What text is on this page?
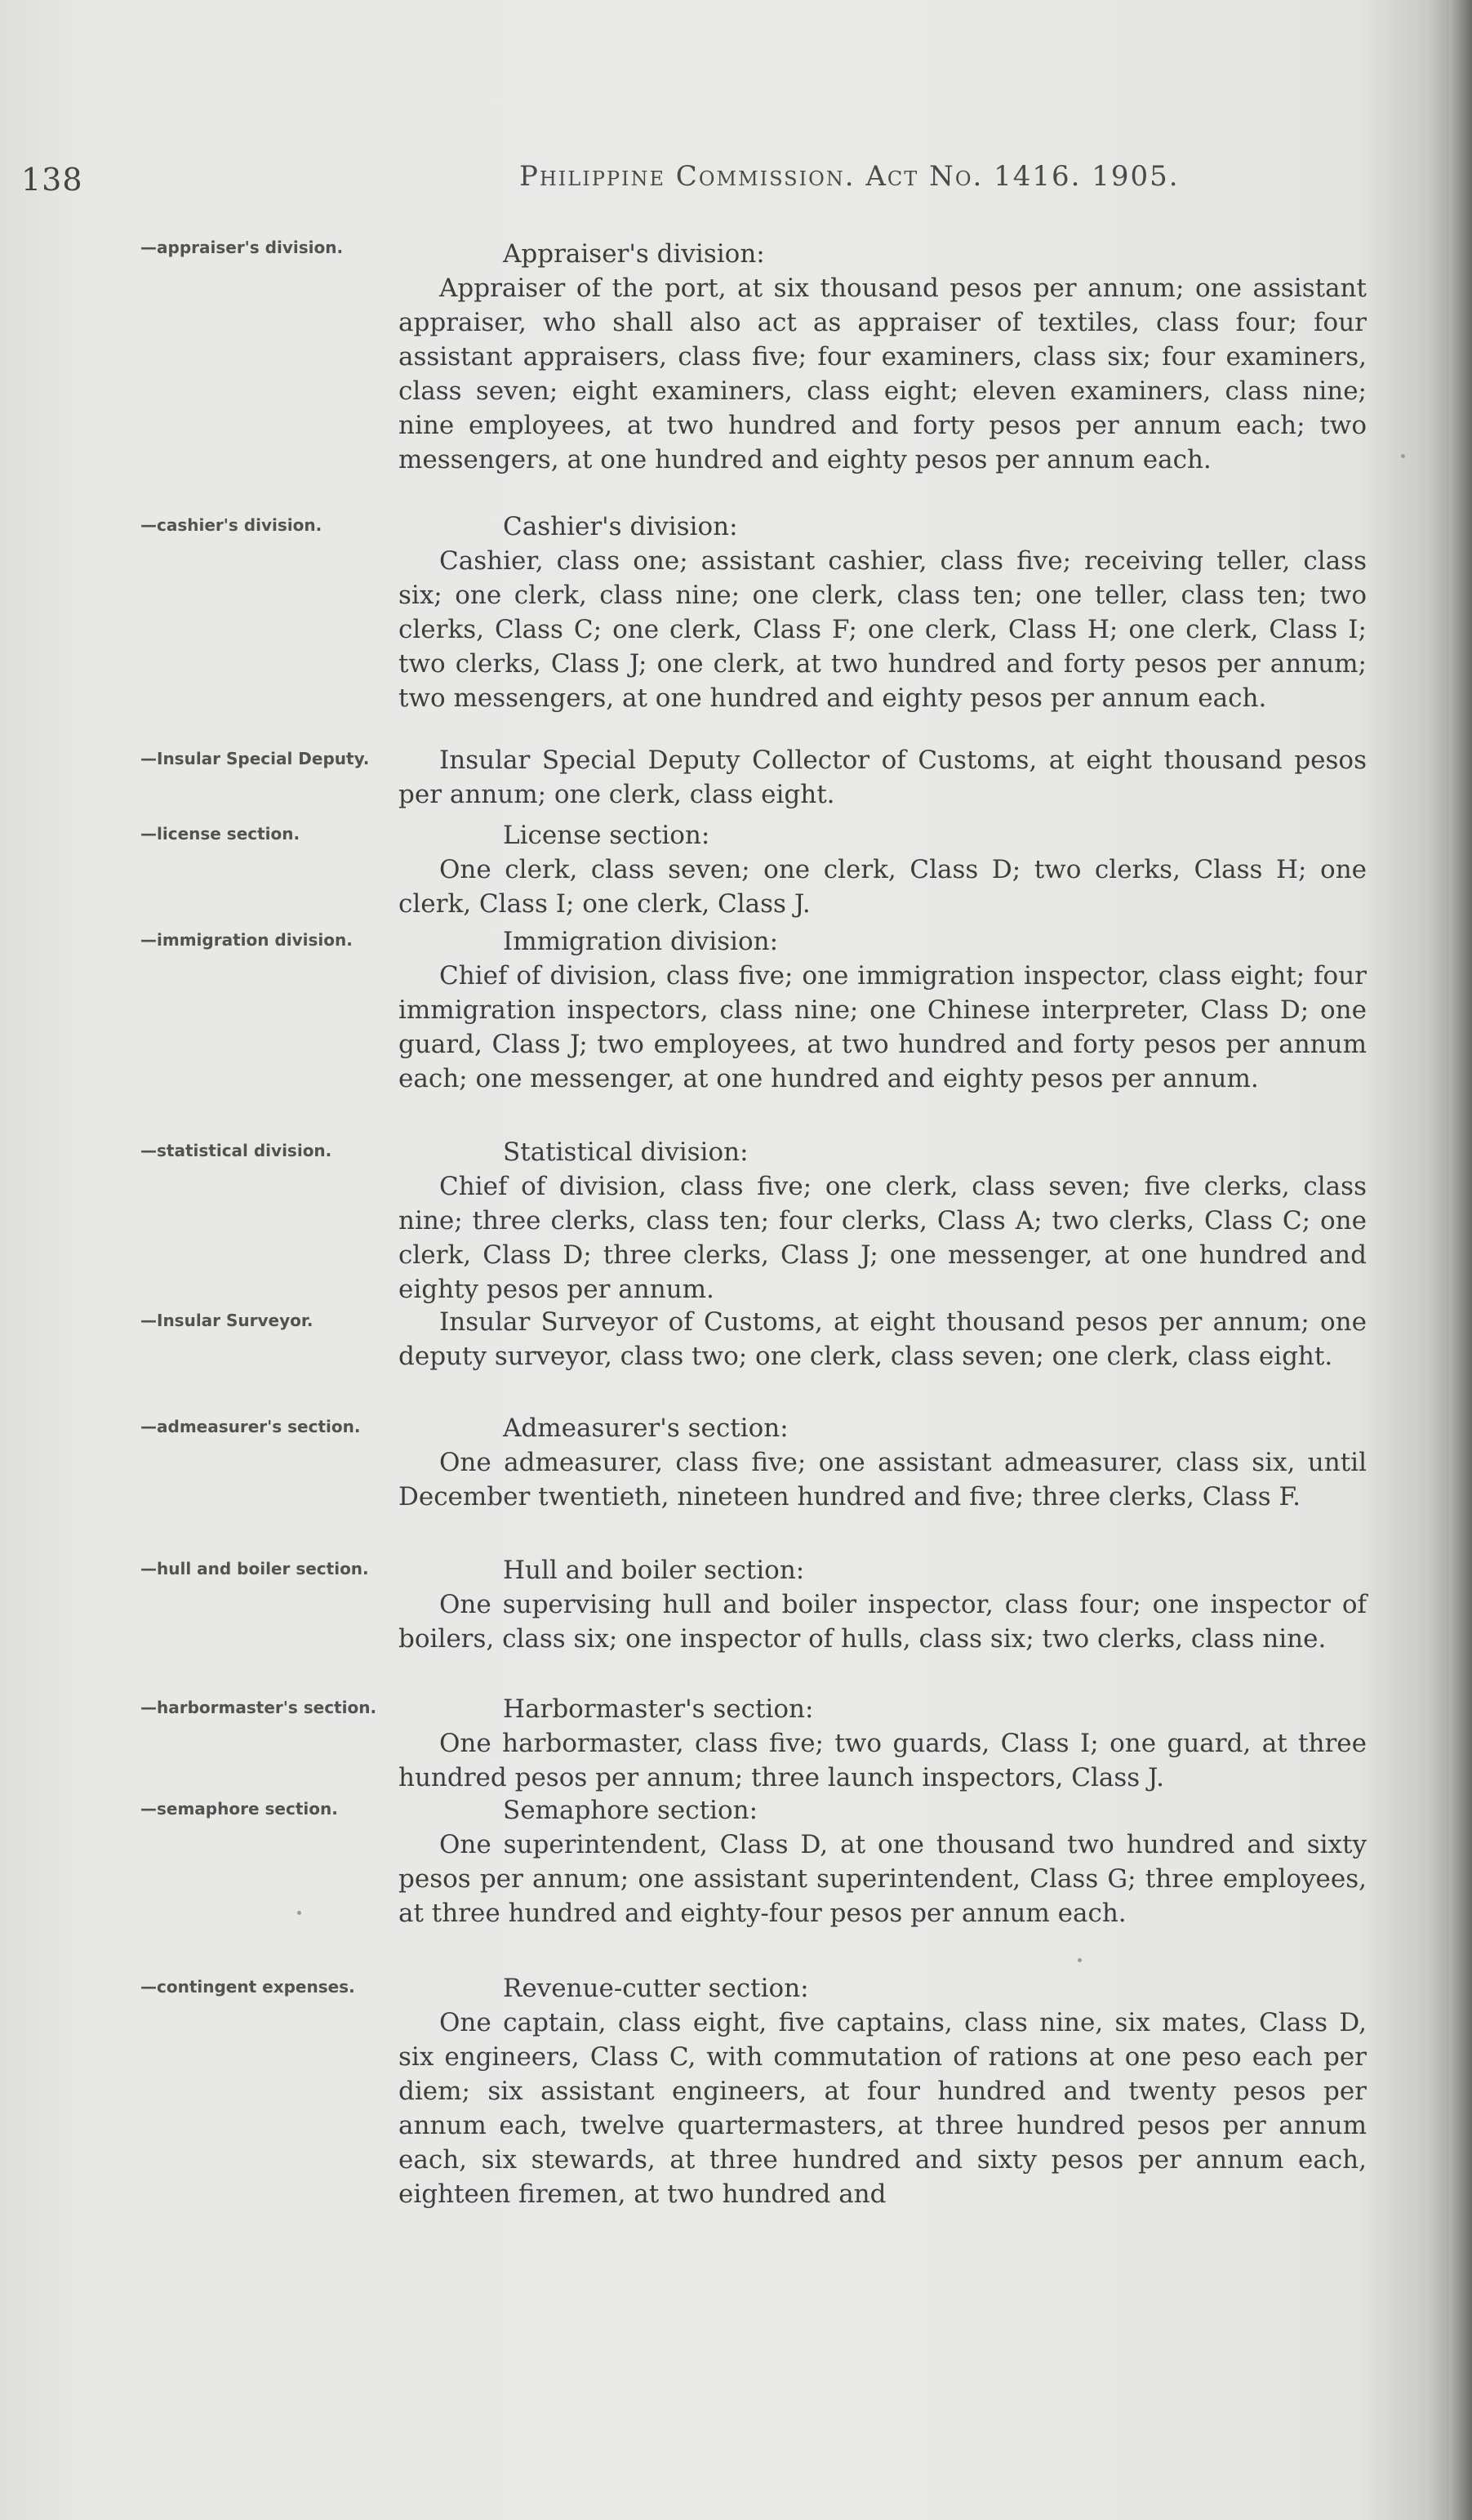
138	Philippine Commission. Act No. 1416. 1905.
—appraiser's division.	Appraiser's division:
Appraiser of the port, at six thousand pesos per annum; one assistant appraiser, who shall also act as appraiser of textiles, class four; four assistant appraisers, class five; four examiners, class six; four examiners, class seven; eight examiners, class eight; eleven examiners, class nine; nine employees, at two hundred and forty pesos per annum each; two messengers, at one hundred and eighty pesos per annum each.
—cashier's division.	Cashier's division:
Cashier, class one; assistant cashier, class five; receiving teller, class six; one clerk, class nine; one clerk, class ten; one teller, class ten; two clerks, Class C; one clerk, Class F; one clerk, Class H; one clerk, Class I; two clerks, Class J; one clerk, at two hundred and forty pesos per annum; two messengers, at one hundred and eighty pesos per annum each.
—Insular Special Deputy.	Insular Special Deputy Collector of Customs, at eight thousand pesos per annum; one clerk, class eight.
—license section.	License section:
One clerk, class seven; one clerk, Class D; two clerks, Class H; one clerk, Class I; one clerk, Class J.
—immigration division.	Immigration division:
Chief of division, class five; one immigration inspector, class eight; four immigration inspectors, class nine; one Chinese interpreter, Class D; one guard, Class J; two employees, at two hundred and forty pesos per annum each; one messenger, at one hundred and eighty pesos per annum.
—statistical division.	Statistical division:
Chief of division, class five; one clerk, class seven; five clerks, class nine; three clerks, class ten; four clerks, Class A; two clerks, Class C; one clerk, Class D; three clerks, Class J; one messenger, at one hundred and eighty pesos per annum.
—Insular Surveyor.	Insular Surveyor of Customs, at eight thousand pesos per annum; one deputy surveyor, class two; one clerk, class seven; one clerk, class eight.
—admeasurer's section.	Admeasurer's section:
One admeasurer, class five; one assistant admeasurer, class six, until December twentieth, nineteen hundred and five; three clerks, Class F.
—hull and boiler section.	Hull and boiler section:
One supervising hull and boiler inspector, class four; one inspector of boilers, class six; one inspector of hulls, class six; two clerks, class nine.
—harbormaster's section.	Harbormaster's section:
One harbormaster, class five; two guards, Class I; one guard, at three hundred pesos per annum; three launch inspectors, Class J.
—semaphore section.	Semaphore section:
One superintendent, Class D, at one thousand two hundred and sixty pesos per annum; one assistant superintendent, Class G; three employees, at three hundred and eighty-four pesos per annum each.
—contingent expenses.	Revenue-cutter section:
One captain, class eight, five captains, class nine, six mates, Class D, six engineers, Class C, with commutation of rations at one peso each per diem; six assistant engineers, at four hundred and twenty pesos per annum each, twelve quartermasters, at three hundred pesos per annum each, six stewards, at three hundred and sixty pesos per annum each, eighteen firemen, at two hundred and
